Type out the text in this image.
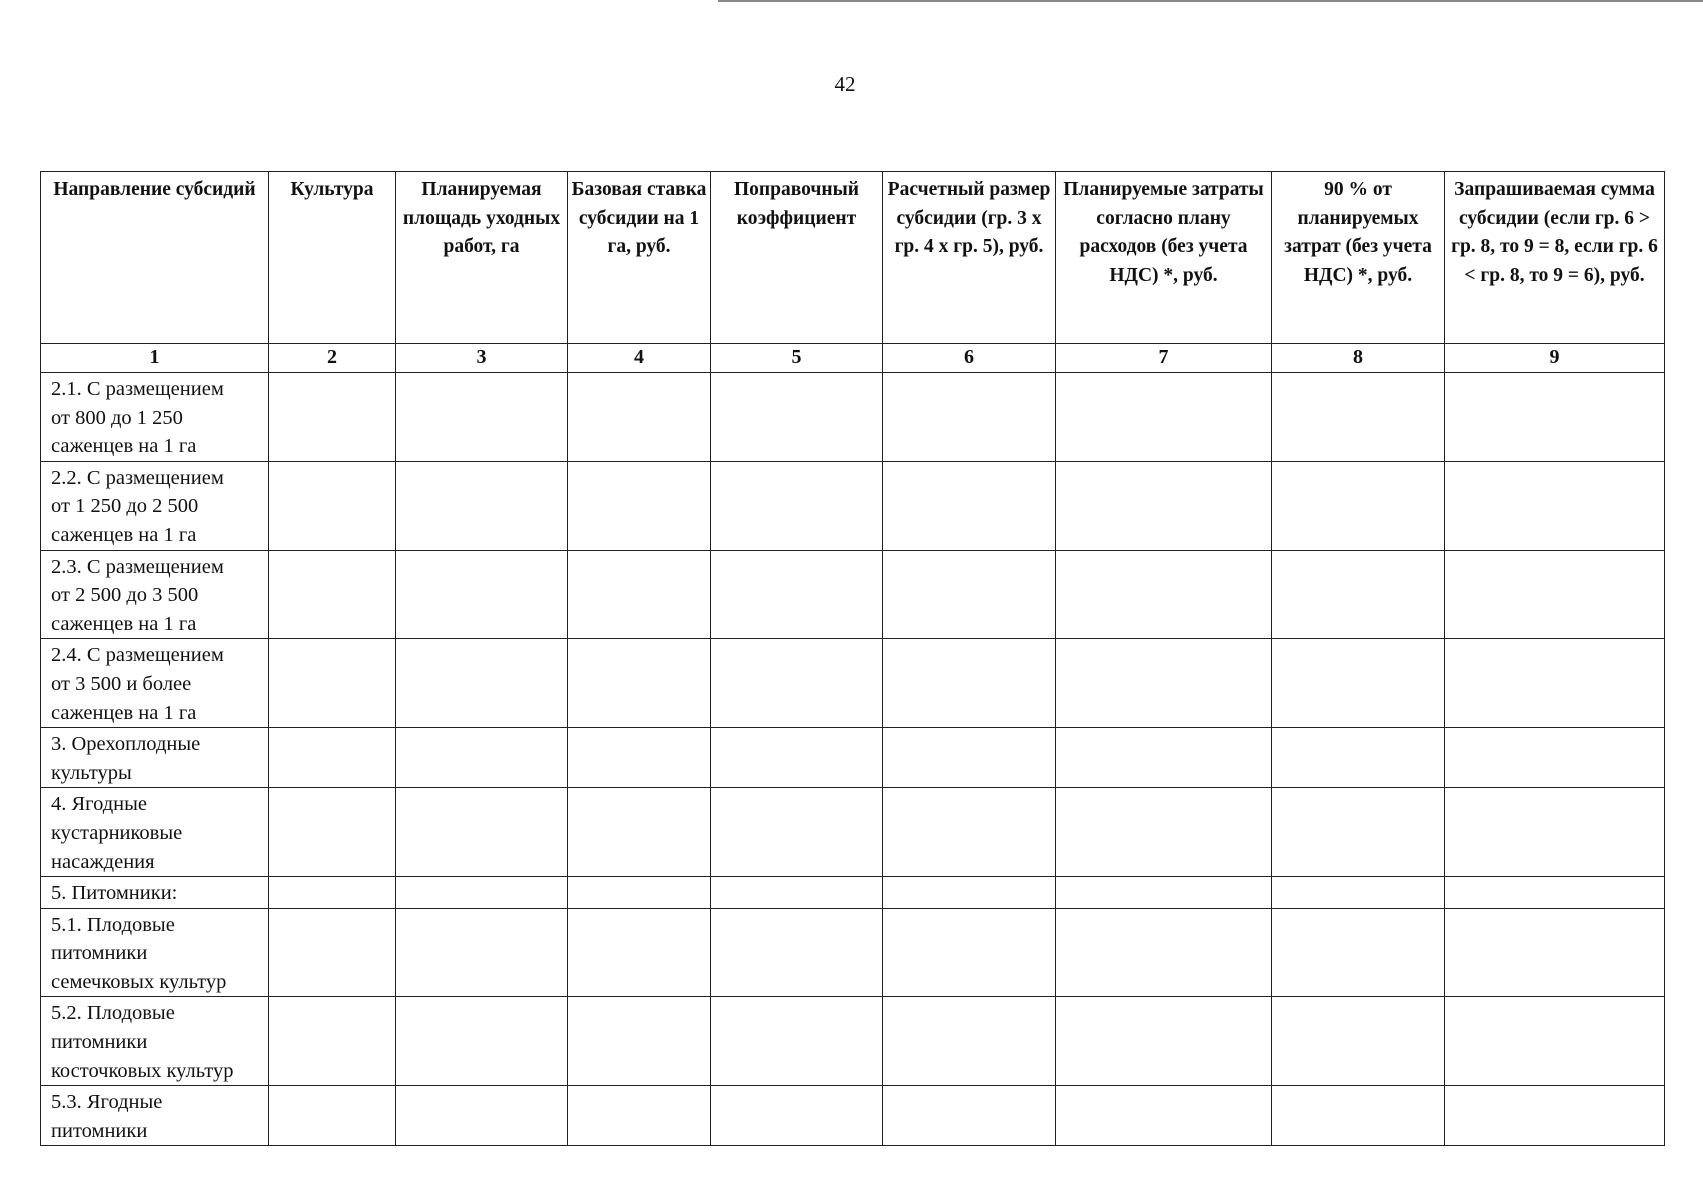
42
Направление субсидий	Культура	Планируемая площадь уходных работ, га	Базовая ставка субсидии на 1 га, руб.	Поправочный коэффициент	Расчетный размер субсидии (гр. 3 x гр. 4 x гр. 5), руб.	Планируемые затраты согласно плану расходов (без учета НДС) *, руб.	90 % от планируемых затрат (без учета НДС) *, руб.	Запрашиваемая сумма субсидии (если гр. 6 > гр. 8, то 9 = 8, если гр. 6 < гр. 8, то 9 = 6), руб.
1	2	3	4	5	6	7	8	9
2.1. С размещением
от 800 до 1 250
саженцев на 1 га								
2.2. С размещением
от 1 250 до 2 500
саженцев на 1 га								
2.3. С размещением
от 2 500 до 3 500
саженцев на 1 га								
2.4. С размещением
от 3 500 и более
саженцев на 1 га								
3. Орехоплодные
культуры								
4. Ягодные
кустарниковые
насаждения								
5. Питомники:								
5.1. Плодовые
питомники
семечковых культур								
5.2. Плодовые
питомники
косточковых культур								
5.3. Ягодные
питомники								
